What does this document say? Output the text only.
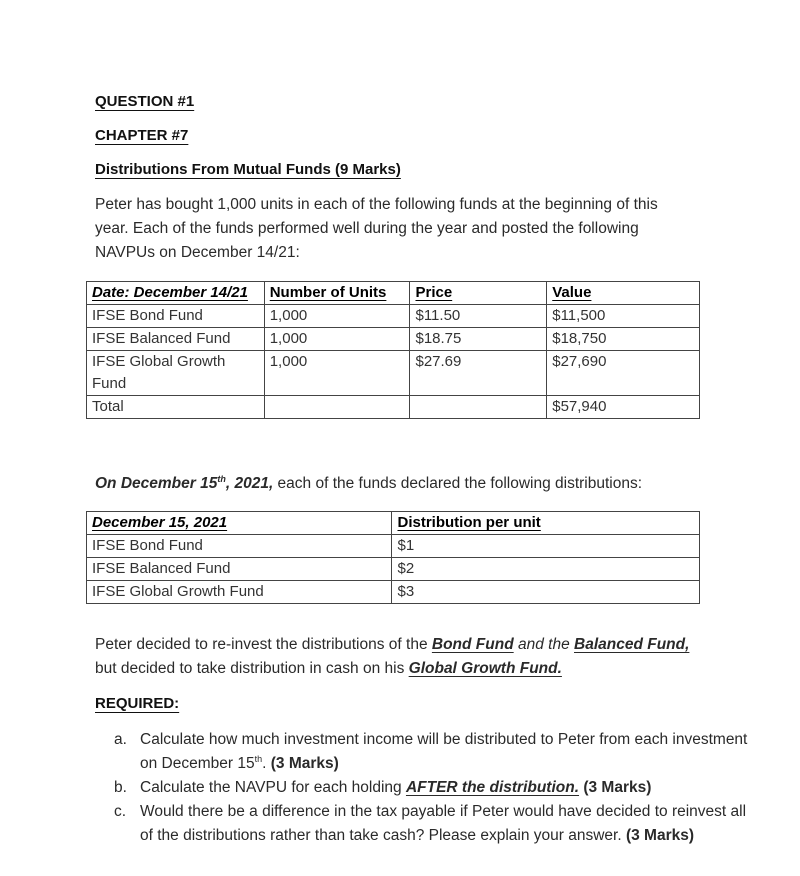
QUESTION #1
CHAPTER #7
Distributions From Mutual Funds (9 Marks)
Peter has bought 1,000 units in each of the following funds at the beginning of this year. Each of the funds performed well during the year and posted the following NAVPUs on December 14/21:
Date: December 14/21	Number of Units	Price	Value
IFSE Bond Fund	1,000	$11.50	$11,500
IFSE Balanced Fund	1,000	$18.75	$18,750
IFSE Global Growth Fund	1,000	$27.69	$27,690
Total			$57,940
On December 15th, 2021, each of the funds declared the following distributions:
December 15, 2021	Distribution per unit
IFSE Bond Fund	$1
IFSE Balanced Fund	$2
IFSE Global Growth Fund	$3
Peter decided to re-invest the distributions of the Bond Fund and the Balanced Fund, but decided to take distribution in cash on his Global Growth Fund.
REQUIRED:
a. Calculate how much investment income will be distributed to Peter from each investment on December 15th. (3 Marks)
b. Calculate the NAVPU for each holding AFTER the distribution. (3 Marks)
c. Would there be a difference in the tax payable if Peter would have decided to reinvest all of the distributions rather than take cash? Please explain your answer. (3 Marks)
